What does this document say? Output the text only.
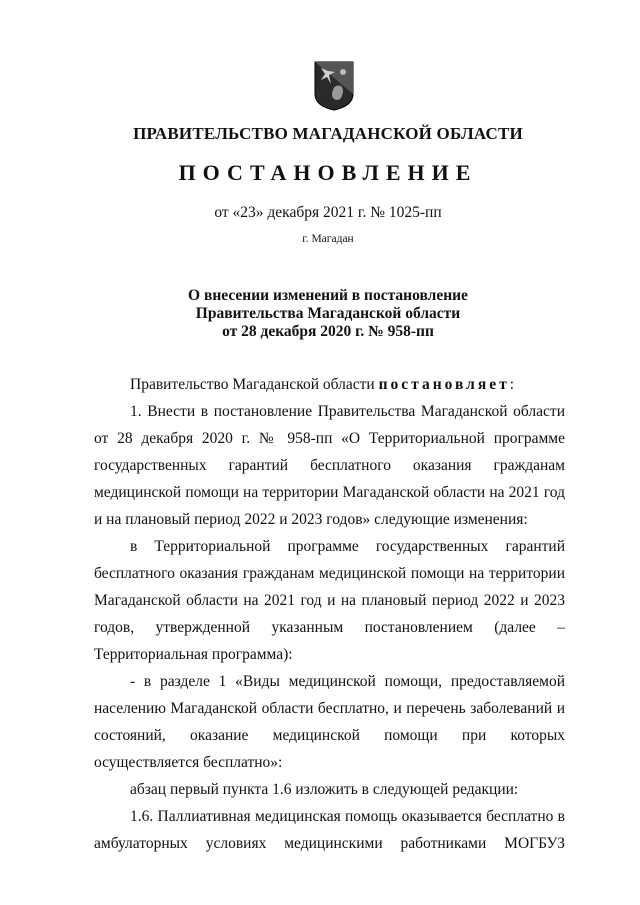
ПРАВИТЕЛЬСТВО МАГАДАНСКОЙ ОБЛАСТИ
ПОСТАНОВЛЕНИЕ
от «23» декабря 2021 г. № 1025-пп
г. Магадан
О внесении изменений в постановление
Правительства Магаданской области
от 28 декабря 2020 г. № 958-пп

Правительство Магаданской области постановляет:

1. Внести в постановление Правительства Магаданской области от 28 декабря 2020 г. № 958-пп «О Территориальной программе государственных гарантий бесплатного оказания гражданам медицинской помощи на территории Магаданской области на 2021 год и на плановый период 2022 и 2023 годов» следующие изменения:

в Территориальной программе государственных гарантий бесплатного оказания гражданам медицинской помощи на территории Магаданской области на 2021 год и на плановый период 2022 и 2023 годов, утвержденной указанным постановлением (далее – Территориальная программа):

- в разделе 1 «Виды медицинской помощи, предоставляемой населению Магаданской области бесплатно, и перечень заболеваний и состояний, оказание медицинской помощи при которых осуществляется бесплатно»:

абзац первый пункта 1.6 изложить в следующей редакции:

1.6. Паллиативная медицинская помощь оказывается бесплатно в амбулаторных условиях медицинскими работниками МОГБУЗ
